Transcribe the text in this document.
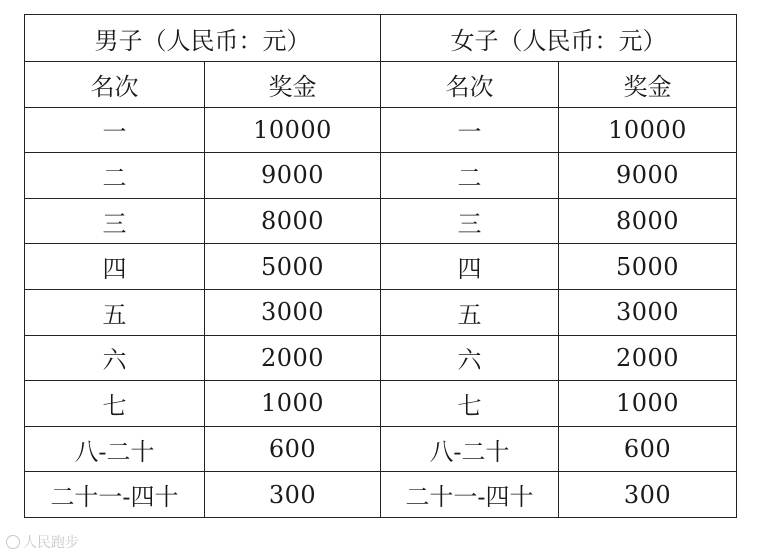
男子（人民币：元）		女子（人民币：元）	
名次	奖金	名次	奖金
一	10000	一	10000
二	9000	二	9000
三	8000	三	8000
四	5000	四	5000
五	3000	五	3000
六	2000	六	2000
七	1000	七	1000
八-二十	600	八-二十	600
二十一-四十	300	二十一-四十	300
人民跑步
